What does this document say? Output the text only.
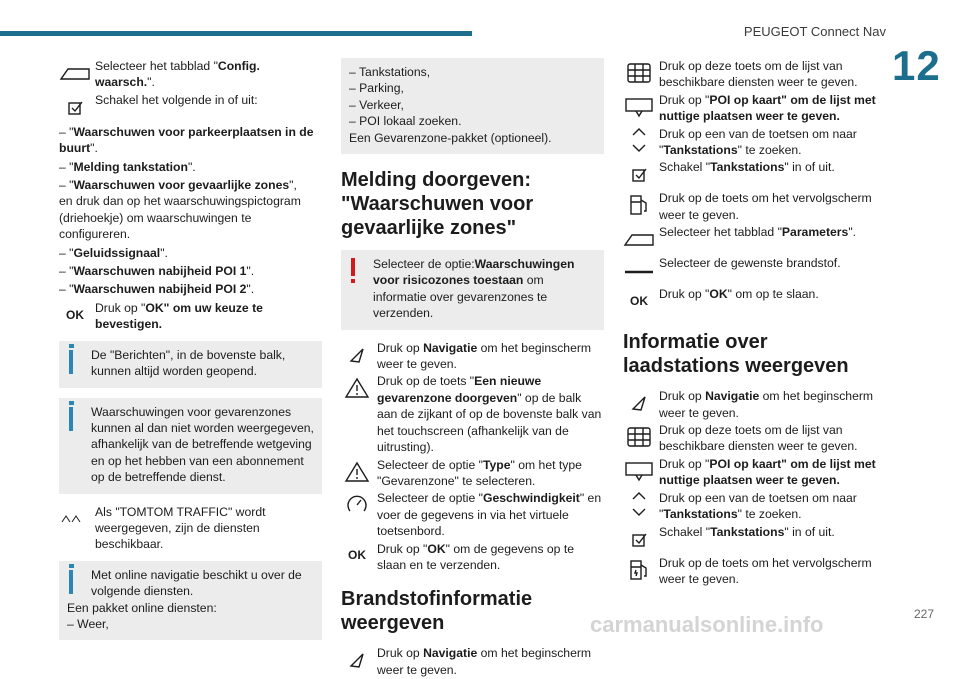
PEUGEOT Connect Nav
12
Selecteer het tabblad "Config. waarsch.".
Schakel het volgende in of uit:

– "Waarschuwen voor parkeerplaatsen in de buurt".

– "Melding tankstation".

– "Waarschuwen voor gevaarlijke zones",
en druk dan op het waarschuwingspictogram (driehoekje) om waarschuwingen te configureren.

– "Geluidssignaal".

– "Waarschuwen nabijheid POI 1".

– "Waarschuwen nabijheid POI 2".

OK Druk op "OK" om uw keuze te bevestigen.

De "Berichten", in de bovenste balk, kunnen altijd worden geopend.

Waarschuwingen voor gevarenzones kunnen al dan niet worden weergegeven, afhankelijk van de betreffende wetgeving en op het hebben van een abonnement op de betreffende dienst.

Als "TOMTOM TRAFFIC" wordt weergegeven, zijn de diensten beschikbaar.

Met online navigatie beschikt u over de volgende diensten.

Een pakket online diensten:

– Weer,

– Tankstations,

– Parking,

– Verkeer,

– POI lokaal zoeken.

Een Gevarenzone-pakket (optioneel).

Melding doorgeven: "Waarschuwen voor gevaarlijke zones"

Selecteer de optie:Waarschuwingen voor risicozones toestaan om informatie over gevarenzones te verzenden.

Druk op Navigatie om het beginscherm weer te geven.
Druk op de toets "Een nieuwe gevarenzone doorgeven" op de balk aan de zijkant of op de bovenste balk van het touchscreen (afhankelijk van de uitrusting).
Selecteer de optie "Type" om het type "Gevarenzone" te selecteren.
Selecteer de optie "Geschwindigkeit" en voer de gegevens in via het virtuele toetsenbord.
OK Druk op "OK" om de gegevens op te slaan en te verzenden.
Brandstofinformatie weergeven
Druk op Navigatie om het beginscherm weer te geven.
Druk op deze toets om de lijst van beschikbare diensten weer te geven.
Druk op "POI op kaart" om de lijst met nuttige plaatsen weer te geven.
Druk op een van de toetsen om naar "Tankstations" te zoeken.
Schakel "Tankstations" in of uit.
Druk op de toets om het vervolgscherm weer te geven.
Selecteer het tabblad "Parameters".
Selecteer de gewenste brandstof.
OK Druk op "OK" om op te slaan.
Informatie over laadstations weergeven
Druk op Navigatie om het beginscherm weer te geven.
Druk op deze toets om de lijst van beschikbare diensten weer te geven.
Druk op "POI op kaart" om de lijst met nuttige plaatsen weer te geven.
Druk op een van de toetsen om naar "Tankstations" te zoeken.
Schakel "Tankstations" in of uit.
Druk op de toets om het vervolgscherm weer te geven.
carmanualsonline.info	227
